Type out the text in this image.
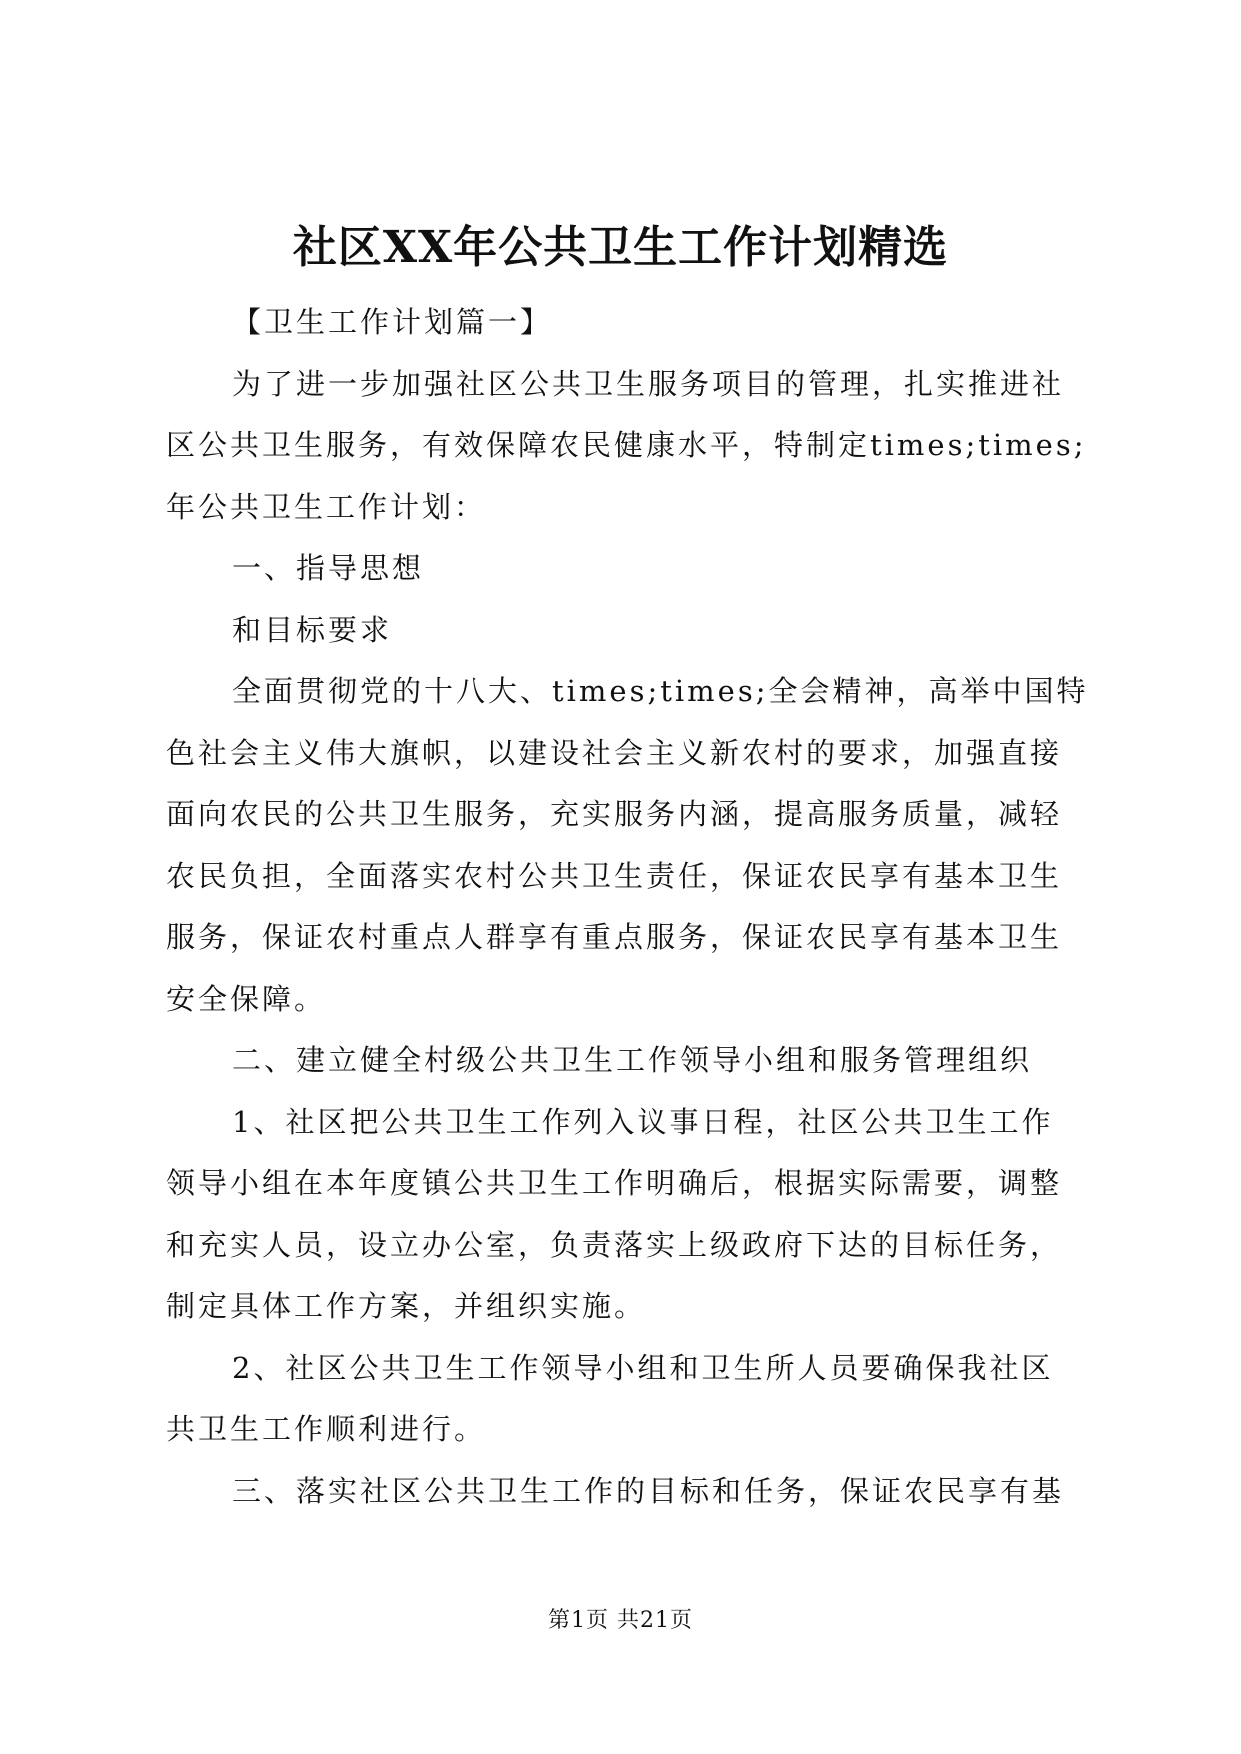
社区XX年公共卫生工作计划精选
【卫生工作计划篇一】
为了进一步加强社区公共卫生服务项目的管理，扎实推进社
区公共卫生服务，有效保障农民健康水平，特制定times;times;
年公共卫生工作计划：
一、指导思想
和目标要求
全面贯彻党的十八大、times;times;全会精神，高举中国特
色社会主义伟大旗帜，以建设社会主义新农村的要求，加强直接
面向农民的公共卫生服务，充实服务内涵，提高服务质量，减轻
农民负担，全面落实农村公共卫生责任，保证农民享有基本卫生
服务，保证农村重点人群享有重点服务，保证农民享有基本卫生
安全保障。
二、建立健全村级公共卫生工作领导小组和服务管理组织
1、社区把公共卫生工作列入议事日程，社区公共卫生工作
领导小组在本年度镇公共卫生工作明确后，根据实际需要，调整
和充实人员，设立办公室，负责落实上级政府下达的目标任务，
制定具体工作方案，并组织实施。
2、社区公共卫生工作领导小组和卫生所人员要确保我社区
共卫生工作顺利进行。
三、落实社区公共卫生工作的目标和任务，保证农民享有基
第1页 共21页
